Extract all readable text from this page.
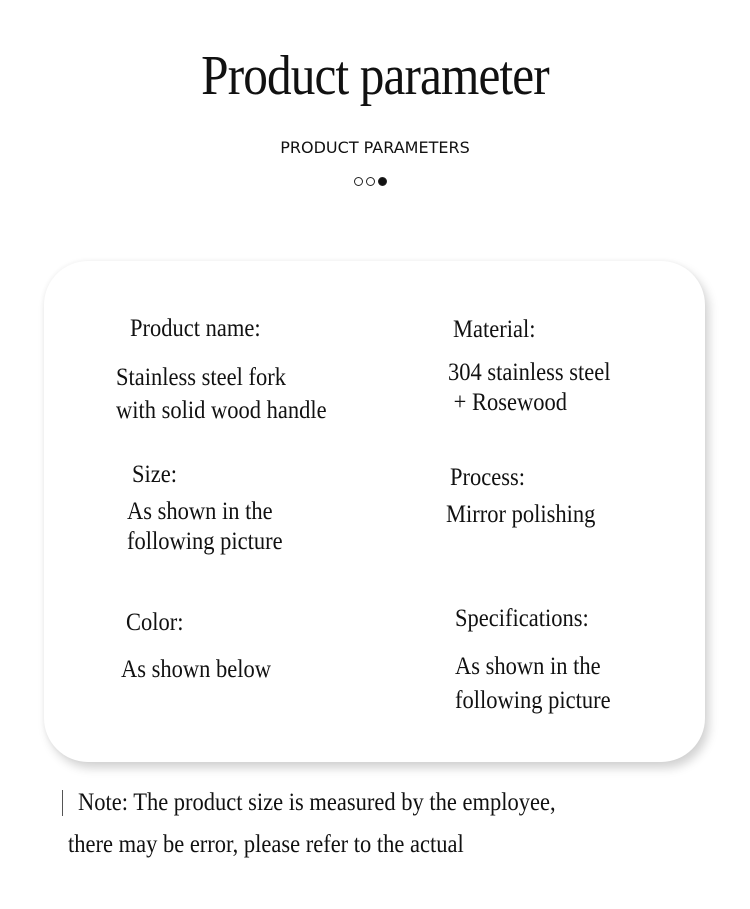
Product parameter
PRODUCT PARAMETERS
Product name:
Stainless steel fork
with solid wood handle
Material:
304 stainless steel
+ Rosewood
Size:
As shown in the
following picture
Process:
Mirror polishing
Color:
As shown below
Specifications:
As shown in the
following picture
Note: The product size is measured by the employee,
there may be error, please refer to the actual
